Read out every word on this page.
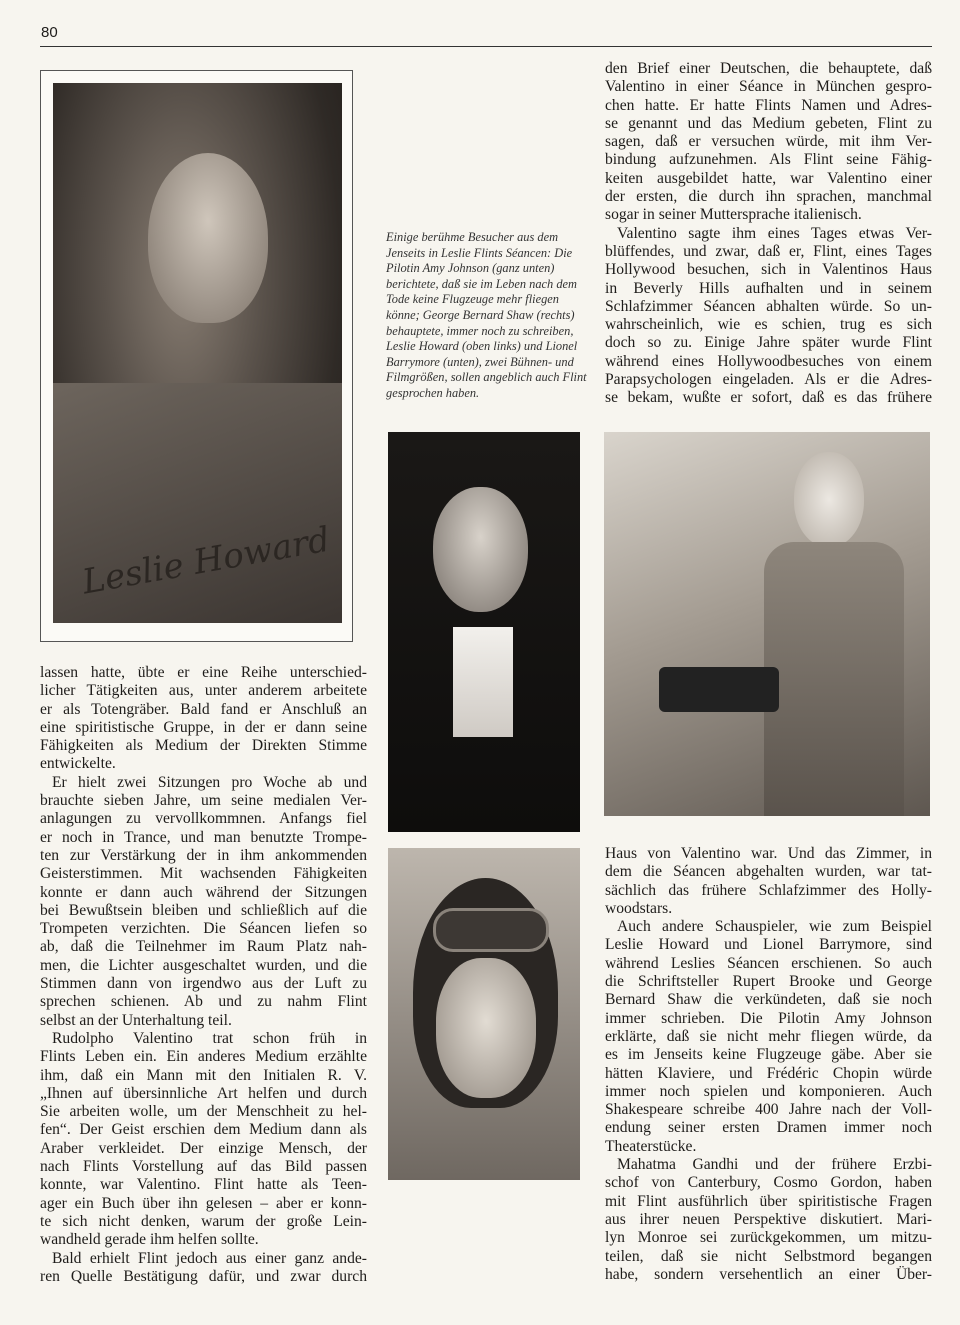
80
Leslie Howard
Einige berühme Besucher aus dem Jenseits in Leslie Flints Séancen: Die Pilotin Amy Johnson (ganz unten) berichtete, daß sie im Leben nach dem Tode keine Flugzeuge mehr fliegen könne; George Bernard Shaw (rechts) behauptete, immer noch zu schreiben, Leslie Howard (oben links) und Lionel Barrymore (unten), zwei Bühnen- und Filmgrößen, sollen angeblich auch Flint gesprochen haben.
lassen hatte, übte er eine Reihe unterschied-
licher Tätigkeiten aus, unter anderem arbeitete
er als Totengräber. Bald fand er Anschluß an
eine spiritistische Gruppe, in der er dann seine
Fähigkeiten als Medium der Direkten Stimme
entwickelte.
Er hielt zwei Sitzungen pro Woche ab und
brauchte sieben Jahre, um seine medialen Ver-
anlagungen zu vervollkommnen. Anfangs fiel
er noch in Trance, und man benutzte Trompe-
ten zur Verstärkung der in ihm ankommenden
Geisterstimmen. Mit wachsenden Fähigkeiten
konnte er dann auch während der Sitzungen
bei Bewußtsein bleiben und schließlich auf die
Trompeten verzichten. Die Séancen liefen so
ab, daß die Teilnehmer im Raum Platz nah-
men, die Lichter ausgeschaltet wurden, und die
Stimmen dann von irgendwo aus der Luft zu
sprechen schienen. Ab und zu nahm Flint
selbst an der Unterhaltung teil.
Rudolpho Valentino trat schon früh in
Flints Leben ein. Ein anderes Medium erzählte
ihm, daß ein Mann mit den Initialen R. V.
„Ihnen auf übersinnliche Art helfen und durch
Sie arbeiten wolle, um der Menschheit zu hel-
fen“. Der Geist erschien dem Medium dann als
Araber verkleidet. Der einzige Mensch, der
nach Flints Vorstellung auf das Bild passen
konnte, war Valentino. Flint hatte als Teen-
ager ein Buch über ihn gelesen – aber er konn-
te sich nicht denken, warum der große Lein-
wandheld gerade ihm helfen sollte.
Bald erhielt Flint jedoch aus einer ganz ande-
ren Quelle Bestätigung dafür, und zwar durch
den Brief einer Deutschen, die behauptete, daß
Valentino in einer Séance in München gespro-
chen hatte. Er hatte Flints Namen und Adres-
se genannt und das Medium gebeten, Flint zu
sagen, daß er versuchen würde, mit ihm Ver-
bindung aufzunehmen. Als Flint seine Fähig-
keiten ausgebildet hatte, war Valentino einer
der ersten, die durch ihn sprachen, manchmal
sogar in seiner Muttersprache italienisch.
Valentino sagte ihm eines Tages etwas Ver-
blüffendes, und zwar, daß er, Flint, eines Tages
Hollywood besuchen, sich in Valentinos Haus
in Beverly Hills aufhalten und in seinem
Schlafzimmer Séancen abhalten würde. So un-
wahrscheinlich, wie es schien, trug es sich
doch so zu. Einige Jahre später wurde Flint
während eines Hollywoodbesuches von einem
Parapsychologen eingeladen. Als er die Adres-
se bekam, wußte er sofort, daß es das frühere
Haus von Valentino war. Und das Zimmer, in
dem die Séancen abgehalten wurden, war tat-
sächlich das frühere Schlafzimmer des Holly-
woodstars.
Auch andere Schauspieler, wie zum Beispiel
Leslie Howard und Lionel Barrymore, sind
während Leslies Séancen erschienen. So auch
die Schriftsteller Rupert Brooke und George
Bernard Shaw die verkündeten, daß sie noch
immer schrieben. Die Pilotin Amy Johnson
erklärte, daß sie nicht mehr fliegen würde, da
es im Jenseits keine Flugzeuge gäbe. Aber sie
hätten Klaviere, und Frédéric Chopin würde
immer noch spielen und komponieren. Auch
Shakespeare schreibe 400 Jahre nach der Voll-
endung seiner ersten Dramen immer noch
Theaterstücke.
Mahatma Gandhi und der frühere Erzbi-
schof von Canterbury, Cosmo Gordon, haben
mit Flint ausführlich über spiritistische Fragen
aus ihrer neuen Perspektive diskutiert. Mari-
lyn Monroe sei zurückgekommen, um mitzu-
teilen, daß sie nicht Selbstmord begangen
habe, sondern versehentlich an einer Über-
